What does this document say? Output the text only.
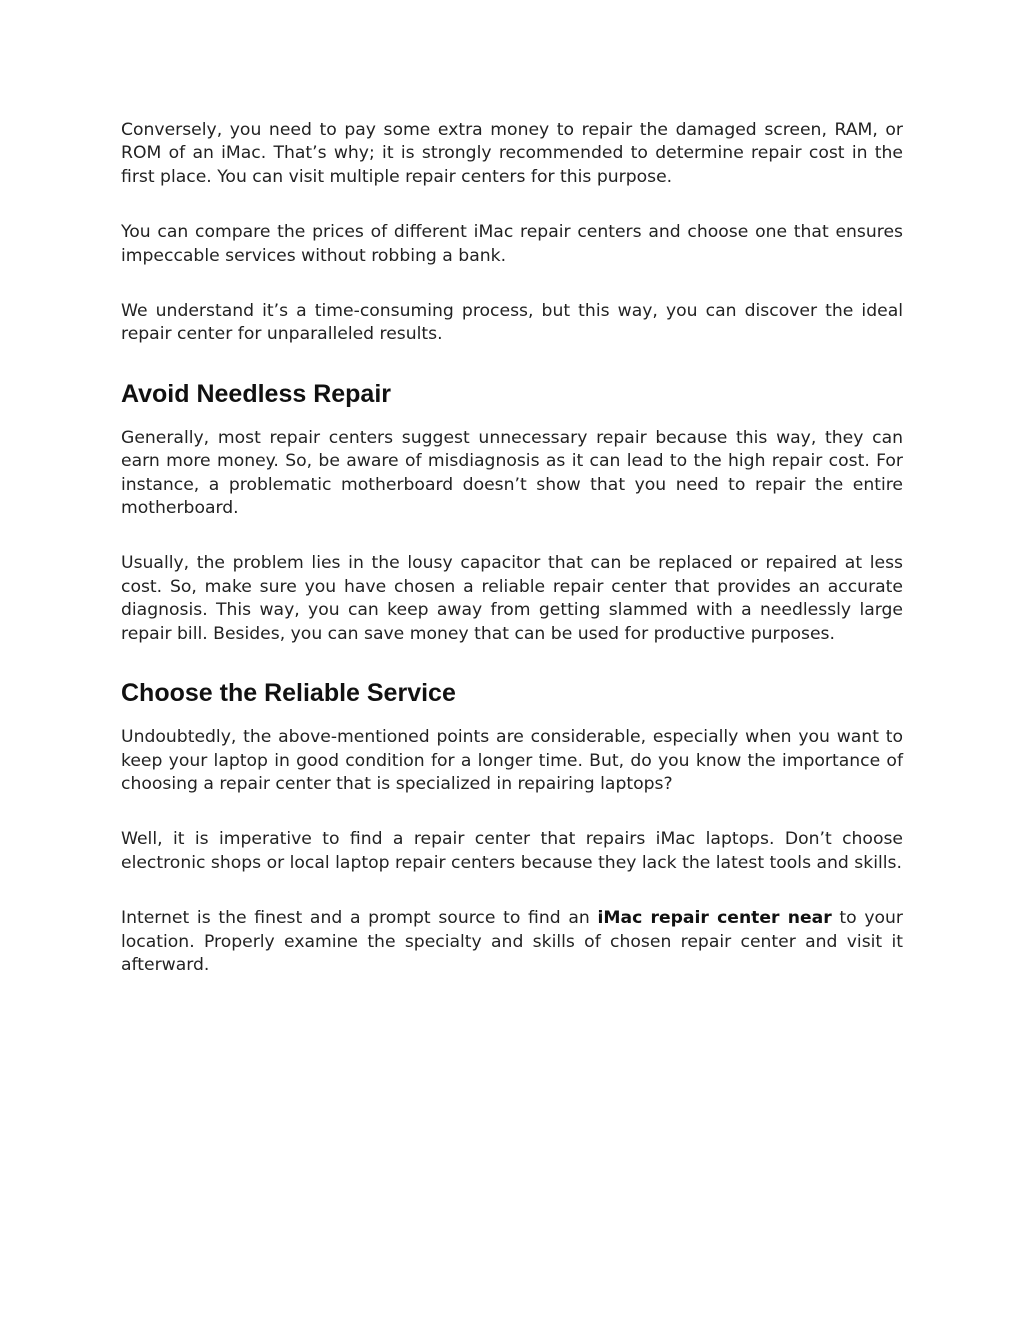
Conversely, you need to pay some extra money to repair the damaged screen, RAM, or ROM of an iMac. That’s why; it is strongly recommended to determine repair cost in the first place. You can visit multiple repair centers for this purpose.

You can compare the prices of different iMac repair centers and choose one that ensures impeccable services without robbing a bank.

We understand it’s a time-consuming process, but this way, you can discover the ideal repair center for unparalleled results.

Avoid Needless Repair

Generally, most repair centers suggest unnecessary repair because this way, they can earn more money. So, be aware of misdiagnosis as it can lead to the high repair cost. For instance, a problematic motherboard doesn’t show that you need to repair the entire motherboard.

Usually, the problem lies in the lousy capacitor that can be replaced or repaired at less cost. So, make sure you have chosen a reliable repair center that provides an accurate diagnosis. This way, you can keep away from getting slammed with a needlessly large repair bill. Besides, you can save money that can be used for productive purposes.

Choose the Reliable Service

Undoubtedly, the above-mentioned points are considerable, especially when you want to keep your laptop in good condition for a longer time. But, do you know the importance of choosing a repair center that is specialized in repairing laptops?

Well, it is imperative to find a repair center that repairs iMac laptops. Don’t choose electronic shops or local laptop repair centers because they lack the latest tools and skills.

Internet is the finest and a prompt source to find an iMac repair center near to your location. Properly examine the specialty and skills of chosen repair center and visit it afterward.
